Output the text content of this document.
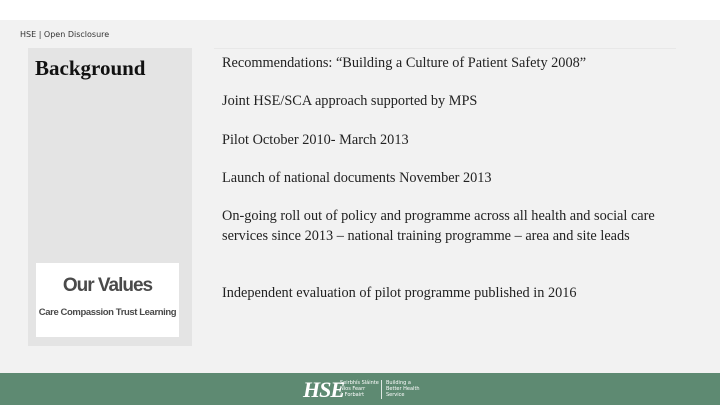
HSE | Open Disclosure
Background
Our Values
Care Compassion Trust Learning
Recommendations: “Building a Culture of Patient Safety 2008”
Joint HSE/SCA approach supported by MPS
Pilot October 2010- March 2013
Launch of national documents November 2013
On-going roll out of policy and programme across all health and social care services since 2013 – national training programme – area and site leads
Independent evaluation of pilot programme published in 2016
HSE
Seirbhís Sláinte
Níos Fearr
á Forbairt
Building a
Better Health
Service
